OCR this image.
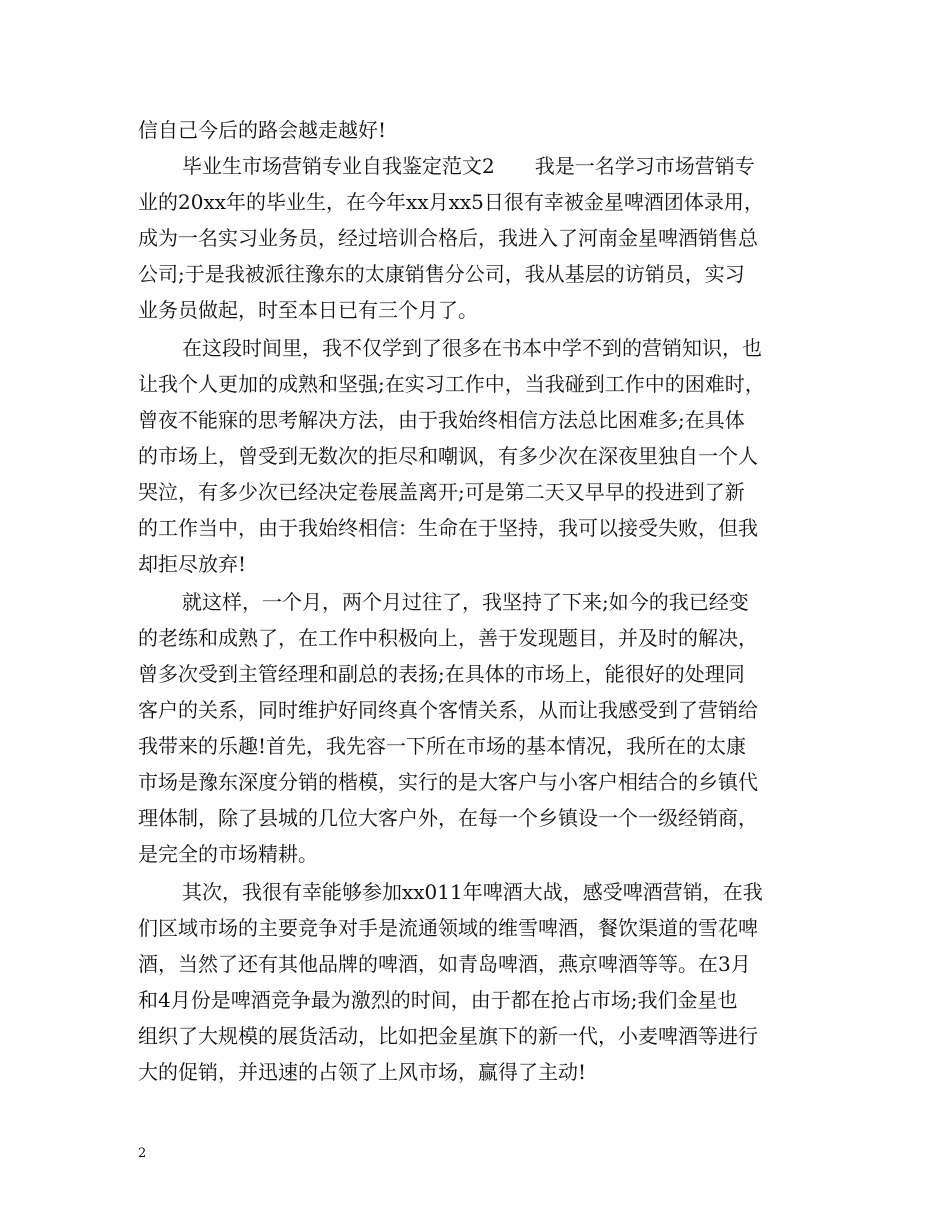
信自己今后的路会越走越好!

毕业生市场营销专业自我鉴定范文2　　我是一名学习市场营销专

业的20xx年的毕业生，在今年xx月xx5日很有幸被金星啤酒团体录用，

成为一名实习业务员，经过培训合格后，我进入了河南金星啤酒销售总

公司;于是我被派往豫东的太康销售分公司，我从基层的访销员，实习

业务员做起，时至本日已有三个月了。

在这段时间里，我不仅学到了很多在书本中学不到的营销知识，也

让我个人更加的成熟和坚强;在实习工作中，当我碰到工作中的困难时，

曾夜不能寐的思考解决方法，由于我始终相信方法总比困难多;在具体

的市场上，曾受到无数次的拒尽和嘲讽，有多少次在深夜里独自一个人

哭泣，有多少次已经决定卷展盖离开;可是第二天又早早的投进到了新

的工作当中，由于我始终相信：生命在于坚持，我可以接受失败，但我

却拒尽放弃!

就这样，一个月，两个月过往了，我坚持了下来;如今的我已经变

的老练和成熟了，在工作中积极向上，善于发现题目，并及时的解决，

曾多次受到主管经理和副总的表扬;在具体的市场上，能很好的处理同

客户的关系，同时维护好同终真个客情关系，从而让我感受到了营销给

我带来的乐趣!首先，我先容一下所在市场的基本情况，我所在的太康

市场是豫东深度分销的楷模，实行的是大客户与小客户相结合的乡镇代

理体制，除了县城的几位大客户外，在每一个乡镇设一个一级经销商，

是完全的市场精耕。

其次，我很有幸能够参加xx011年啤酒大战，感受啤酒营销，在我

们区域市场的主要竞争对手是流通领域的维雪啤酒，餐饮渠道的雪花啤

酒，当然了还有其他品牌的啤酒，如青岛啤酒，燕京啤酒等等。在3月

和4月份是啤酒竞争最为激烈的时间，由于都在抢占市场;我们金星也

组织了大规模的展货活动，比如把金星旗下的新一代，小麦啤酒等进行

大的促销，并迅速的占领了上风市场，赢得了主动!

2
